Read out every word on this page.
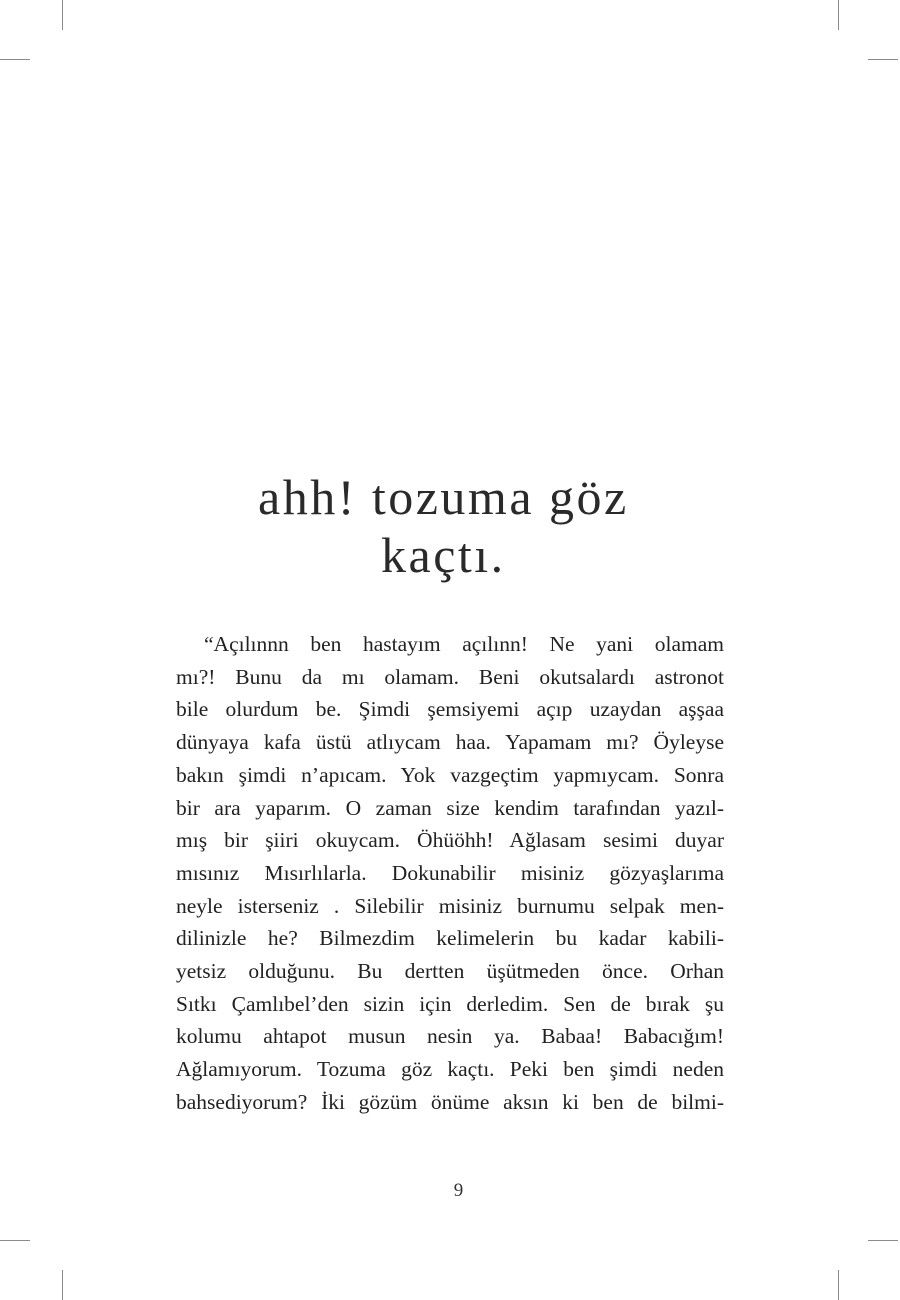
ahh! tozuma göz
kaçtı.
“Açılınnn ben hastayım açılınn! Ne yani olamam
mı?! Bunu da mı olamam. Beni okutsalardı astronot
bile olurdum be. Şimdi şemsiyemi açıp uzaydan aşşaa
dünyaya kafa üstü atlıycam haa. Yapamam mı? Öyleyse
bakın şimdi n’apıcam. Yok vazgeçtim yapmıycam. Sonra
bir ara yaparım. O zaman size kendim tarafından yazıl-
mış bir şiiri okuycam. Öhüöhh! Ağlasam sesimi duyar
mısınız Mısırlılarla. Dokunabilir misiniz gözyaşlarıma
neyle isterseniz . Silebilir misiniz burnumu selpak men-
dilinizle he? Bilmezdim kelimelerin bu kadar kabili-
yetsiz olduğunu. Bu dertten üşütmeden önce. Orhan
Sıtkı Çamlıbel’den sizin için derledim. Sen de bırak şu
kolumu ahtapot musun nesin ya. Babaa! Babacığım!
Ağlamıyorum. Tozuma göz kaçtı. Peki ben şimdi neden
bahsediyorum? İki gözüm önüme aksın ki ben de bilmi-
9
